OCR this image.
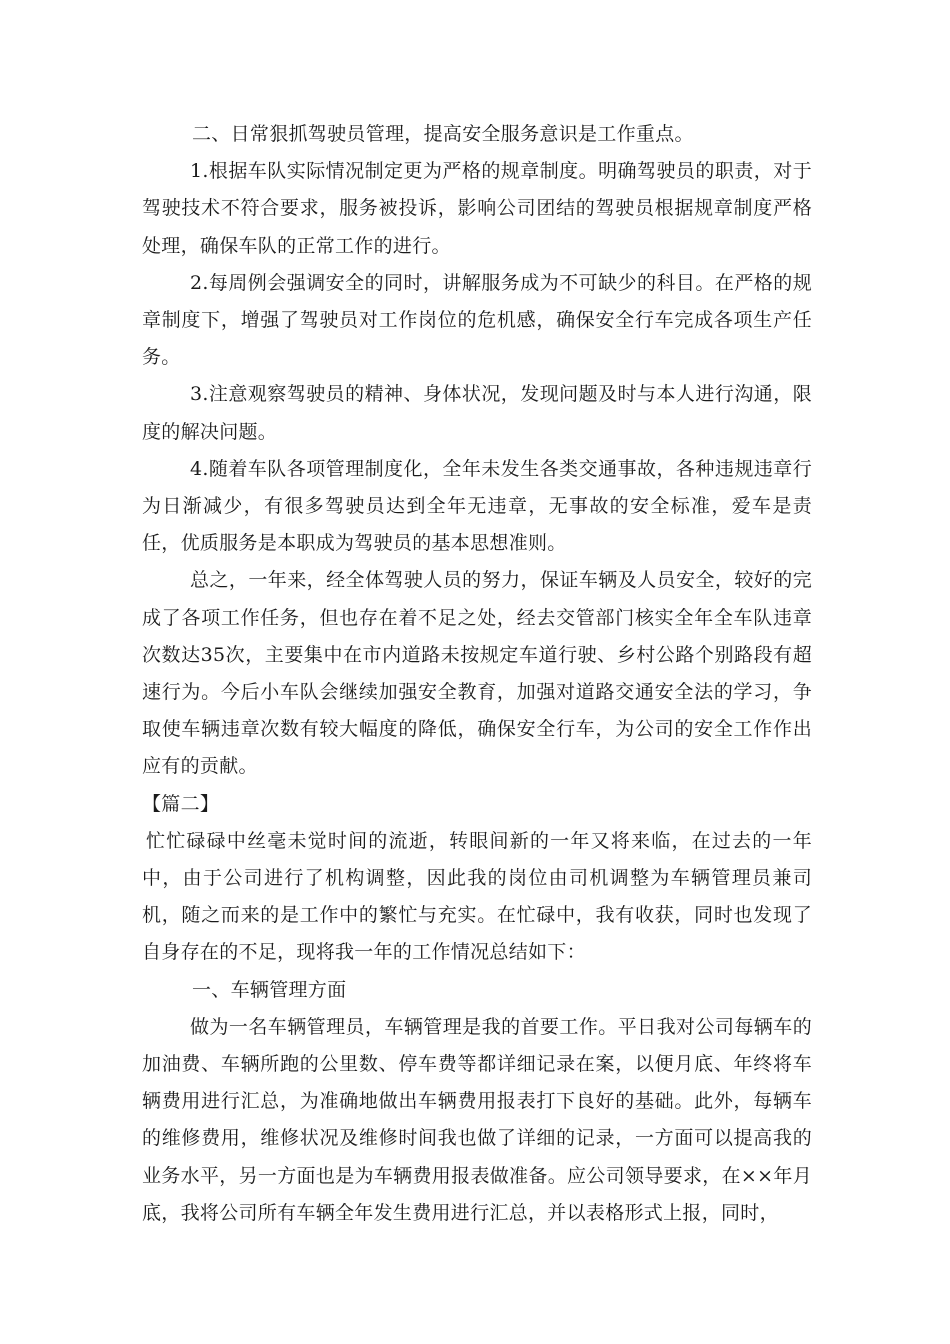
二、日常狠抓驾驶员管理，提高安全服务意识是工作重点。

1.根据车队实际情况制定更为严格的规章制度。明确驾驶员的职责，对于驾驶技术不符合要求，服务被投诉，影响公司团结的驾驶员根据规章制度严格处理，确保车队的正常工作的进行。

2.每周例会强调安全的同时，讲解服务成为不可缺少的科目。在严格的规章制度下，增强了驾驶员对工作岗位的危机感，确保安全行车完成各项生产任务。

3.注意观察驾驶员的精神、身体状况，发现问题及时与本人进行沟通，限度的解决问题。

4.随着车队各项管理制度化，全年未发生各类交通事故，各种违规违章行为日渐减少，有很多驾驶员达到全年无违章，无事故的安全标准，爱车是责任，优质服务是本职成为驾驶员的基本思想准则。

总之，一年来，经全体驾驶人员的努力，保证车辆及人员安全，较好的完成了各项工作任务，但也存在着不足之处，经去交管部门核实全年全车队违章次数达35次，主要集中在市内道路未按规定车道行驶、乡村公路个别路段有超速行为。今后小车队会继续加强安全教育，加强对道路交通安全法的学习，争取使车辆违章次数有较大幅度的降低，确保安全行车，为公司的安全工作作出应有的贡献。

【篇二】

忙忙碌碌中丝毫未觉时间的流逝，转眼间新的一年又将来临，在过去的一年中，由于公司进行了机构调整，因此我的岗位由司机调整为车辆管理员兼司机，随之而来的是工作中的繁忙与充实。在忙碌中，我有收获，同时也发现了自身存在的不足，现将我一年的工作情况总结如下：

一、车辆管理方面

做为一名车辆管理员，车辆管理是我的首要工作。平日我对公司每辆车的加油费、车辆所跑的公里数、停车费等都详细记录在案，以便月底、年终将车辆费用进行汇总，为准确地做出车辆费用报表打下良好的基础。此外，每辆车的维修费用，维修状况及维修时间我也做了详细的记录，一方面可以提高我的业务水平，另一方面也是为车辆费用报表做准备。应公司领导要求，在××年月底，我将公司所有车辆全年发生费用进行汇总，并以表格形式上报，同时，
